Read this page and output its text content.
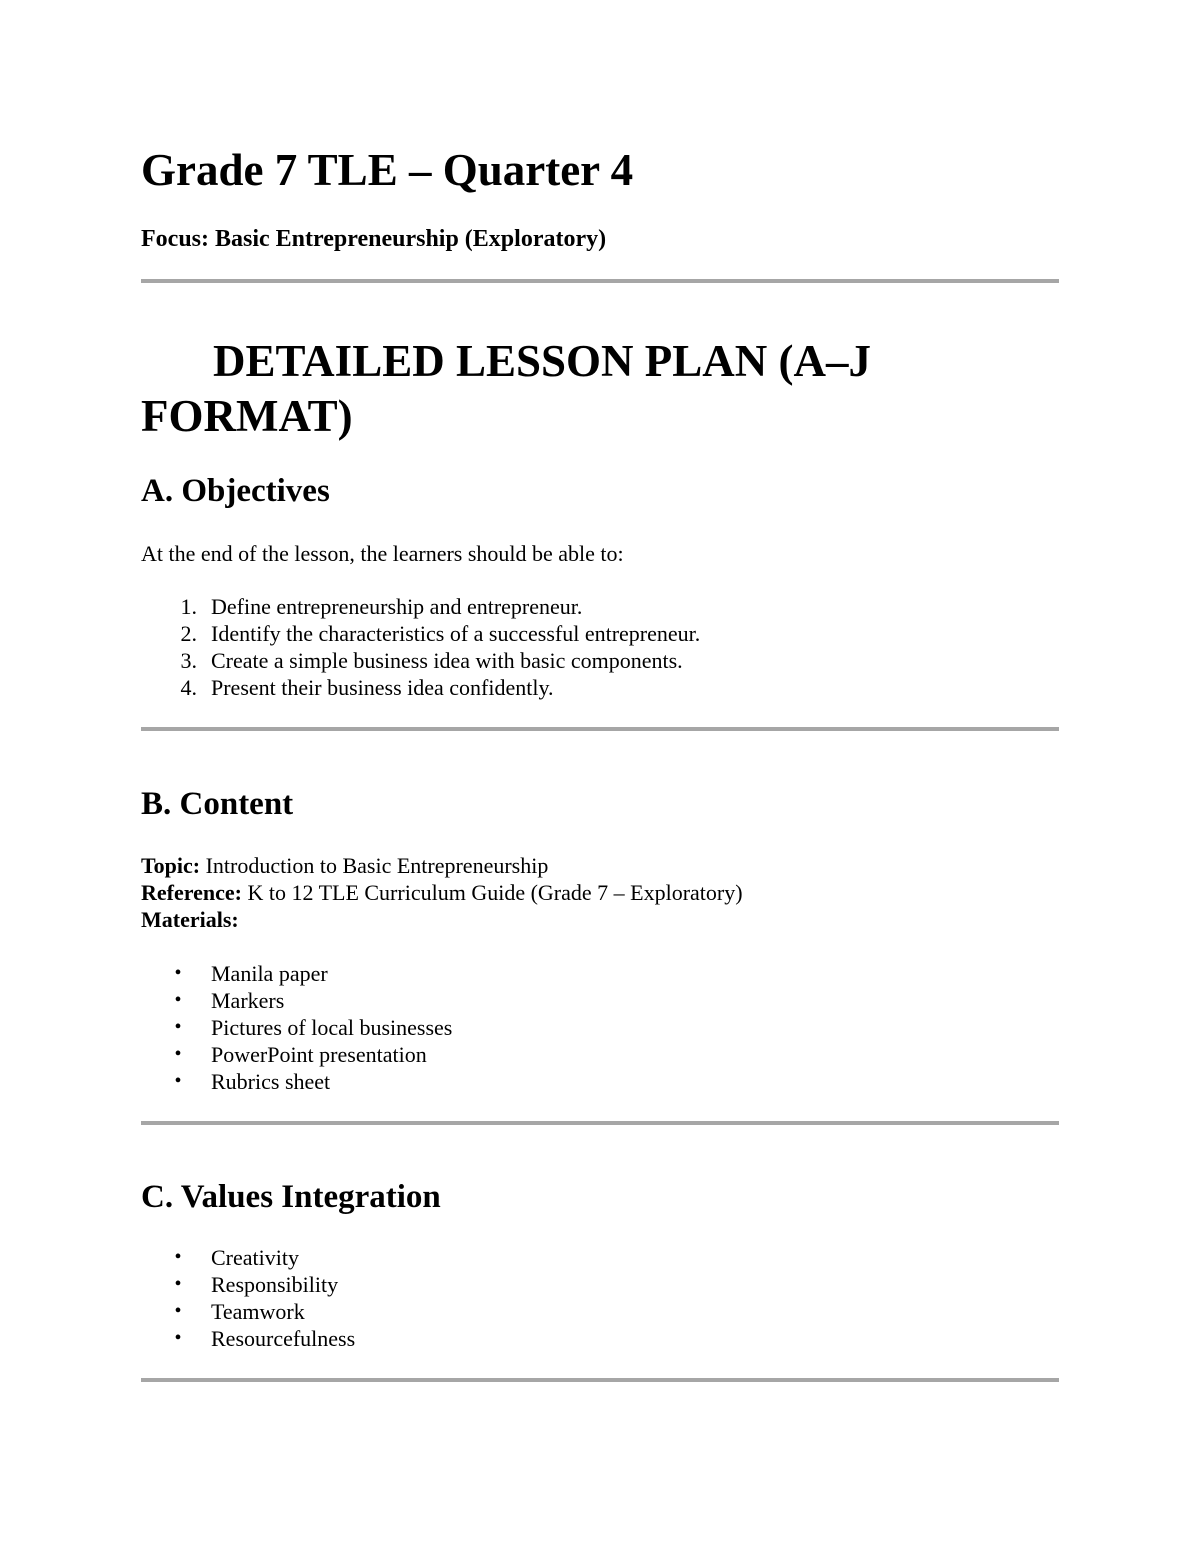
Grade 7 TLE – Quarter 4

Focus: Basic Entrepreneurship (Exploratory)

DETAILED LESSON PLAN (A–J
FORMAT)
A. Objectives

At the end of the lesson, the learners should be able to:

1. Define entrepreneurship and entrepreneur.
2. Identify the characteristics of a successful entrepreneur.
3. Create a simple business idea with basic components.
4. Present their business idea confidently.
B. Content

Topic: Introduction to Basic Entrepreneurship

Reference: K to 12 TLE Curriculum Guide (Grade 7 – Exploratory)

Materials:

• Manila paper
• Markers
• Pictures of local businesses
• PowerPoint presentation
• Rubrics sheet
C. Values Integration
• Creativity
• Responsibility
• Teamwork
• Resourcefulness
